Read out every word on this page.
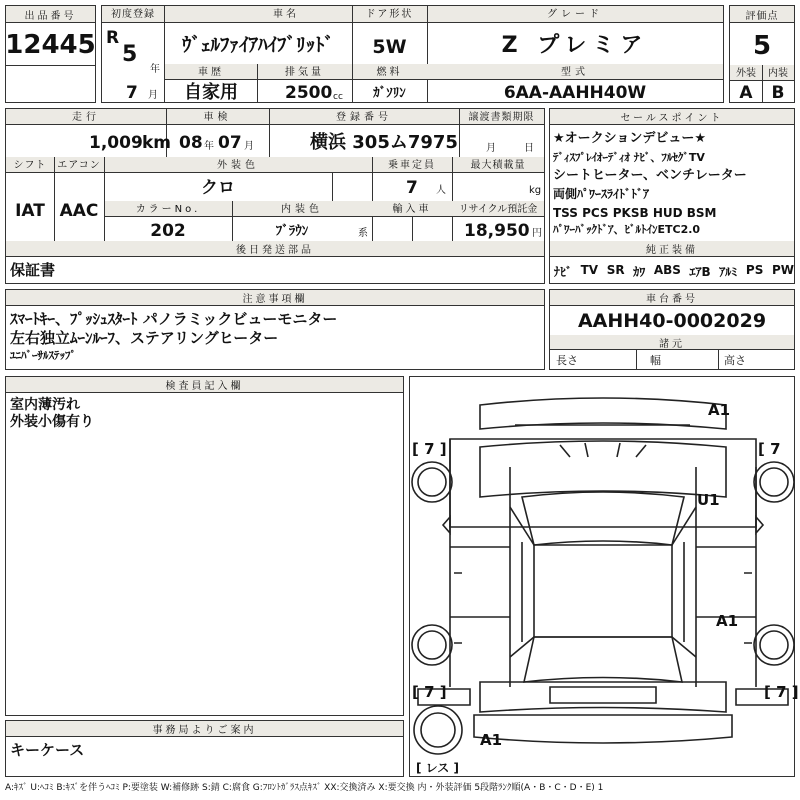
出品番号
12445
初度登録	車名	ドア形状	グレード
R
5
年
7 月
ｳﾞｪﾙﾌｧｲｱﾊｲﾌﾞﾘｯﾄﾞ	5W	Z プレミア
車歴	排気量	燃料	型式
自家用	2500 cc	ｶﾞｿﾘﾝ	6AA-AAHH40W
評価点
5
外装	内装
A	B
走行	車検	登録番号	譲渡書類期限
1,009 km 08 年 07 月	横浜 305ム7975	月	日
シフト	エアコン	外装色	乗車定員	最大積載量
IAT AAC
クロ	7 人	kg
カラーNo.	内装色	輸入車	リサイクル預託金
202	ﾌﾞﾗｳﾝ	系	18,950 円
後日発送部品
保証書
セールスポイント
★オークションデビュー★
ﾃﾞｨｽﾌﾟﾚｲｵｰﾃﾞｨｵ ﾅﾋﾞ、ﾌﾙｾｸﾞTV
シートヒーター、ベンチレーター
両側ﾊﾟﾜｰｽﾗｲﾄﾞﾄﾞｱ
TSS PCS PKSB HUD BSM
ﾊﾟﾜｰﾊﾞｯｸﾄﾞｱ、ﾋﾞﾙﾄｲﾝETC2.0
純正装備
ﾅﾋﾞ TV SR ｶﾜ ABS ｴｱB ｱﾙﾐ PS PW
注意事項欄
ｽﾏｰﾄｷｰ、ﾌﾟｯｼｭｽﾀｰﾄ パノラミックビューモニター
左右独立ﾑｰﾝﾙｰﾌ、ステアリングヒーター
ﾕﾆﾊﾞｰｻﾙｽﾃｯﾌﾟ
車台番号
AAHH40-0002029
諸元
長さ	幅	高さ
検査員記入欄
室内薄汚れ
外装小傷有り
事務局よりご案内
キーケース
A1
U1
A1
A1
[ 7 ]	[ 7
[ 7 ]	[ 7 ]
[ レス ]
A:ｷｽﾞ U:ﾍｺﾐ B:ｷｽﾞを伴うﾍｺﾐ P:要塗装 W:補修跡 S:錆 C:腐食 G:ﾌﾛﾝﾄｶﾞﾗｽ点ｷｽﾞ XX:交換済み X:要交換 内・外装評価 5段階ﾗﾝｸ順(A・B・C・D・E) 1
